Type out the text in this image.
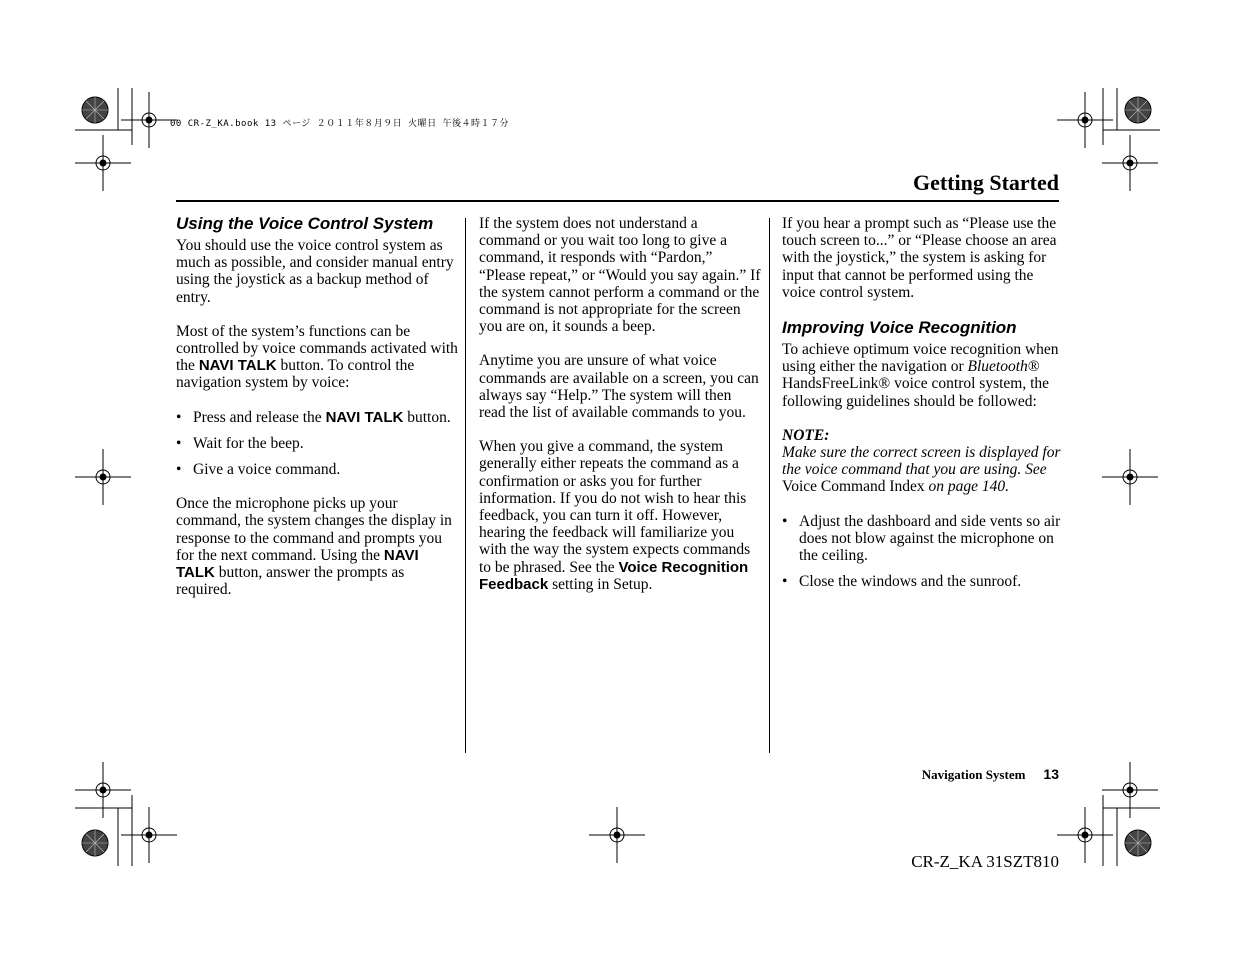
00 CR-Z_KA.book 13 ページ ２０１１年８月９日 火曜日 午後４時１７分
Getting Started
Using the Voice Control System

You should use the voice control system as much as possible, and consider manual entry using the joystick as a backup method of entry.

Most of the system’s functions can be controlled by voice commands activated with the NAVI TALK button. To control the navigation system by voice:

• Press and release the NAVI TALK button.
• Wait for the beep.
• Give a voice command.

Once the microphone picks up your command, the system changes the display in response to the command and prompts you for the next command. Using the NAVI TALK button, answer the prompts as required.

If the system does not understand a command or you wait too long to give a command, it responds with “Pardon,” “Please repeat,” or “Would you say again.” If the system cannot perform a command or the command is not appropriate for the screen you are on, it sounds a beep.

Anytime you are unsure of what voice commands are available on a screen, you can always say “Help.” The system will then read the list of available commands to you.

When you give a command, the system generally either repeats the command as a confirmation or asks you for further information. If you do not wish to hear this feedback, you can turn it off. However, hearing the feedback will familiarize you with the way the system expects commands to be phrased. See the Voice Recognition Feedback setting in Setup.

If you hear a prompt such as “Please use the touch screen to...” or “Please choose an area with the joystick,” the system is asking for input that cannot be performed using the voice control system.

Improving Voice Recognition

To achieve optimum voice recognition when using either the navigation or Bluetooth® HandsFreeLink® voice control system, the following guidelines should be followed:

NOTE:

Make sure the correct screen is displayed for the voice command that you are using. See Voice Command Index on page 140.

• Adjust the dashboard and side vents so air does not blow against the microphone on the ceiling.
• Close the windows and the sunroof.
Navigation System 13
CR-Z_KA 31SZT810
